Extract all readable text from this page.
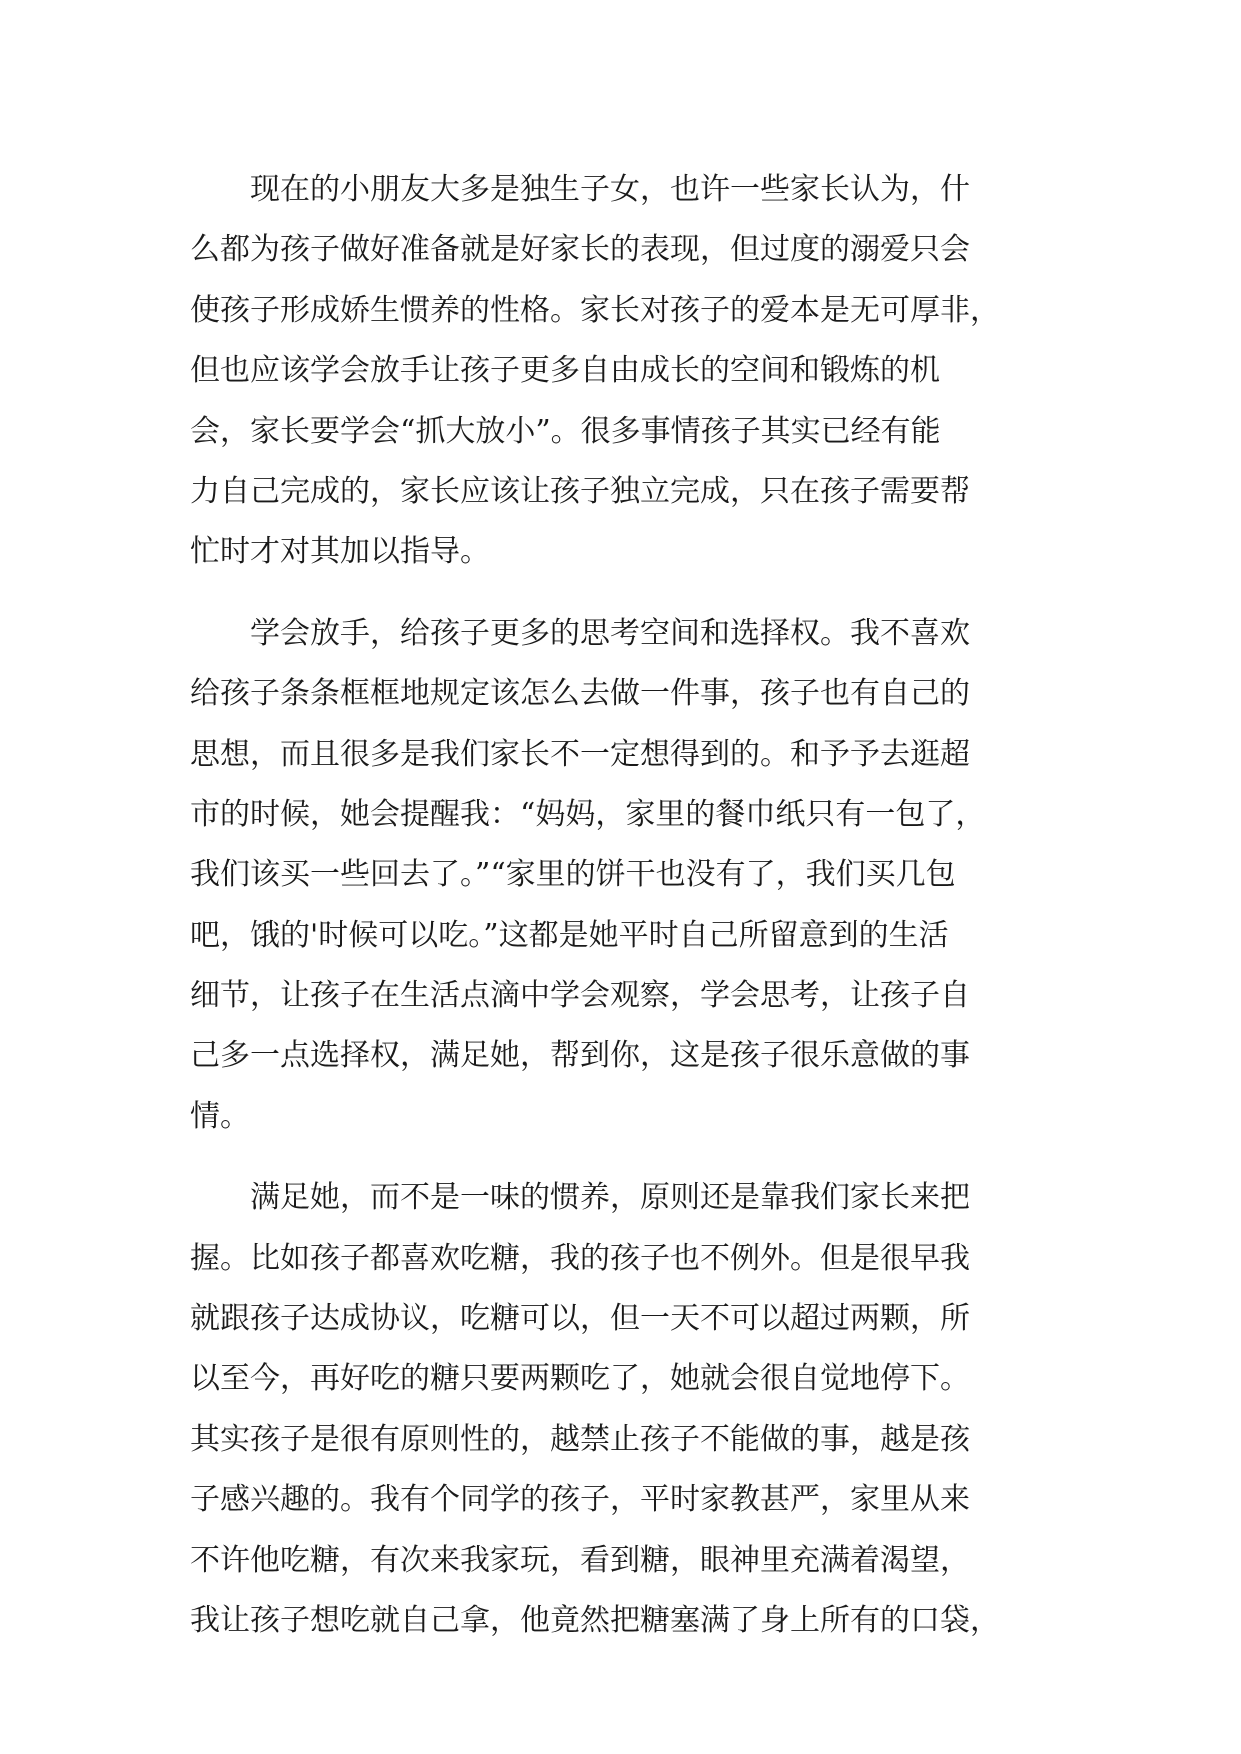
　　现在的小朋友大多是独生子女，也许一些家长认为，什
么都为孩子做好准备就是好家长的表现，但过度的溺爱只会
使孩子形成娇生惯养的性格。家长对孩子的爱本是无可厚非，
但也应该学会放手让孩子更多自由成长的空间和锻炼的机
会，家长要学会“抓大放小”。很多事情孩子其实已经有能
力自己完成的，家长应该让孩子独立完成，只在孩子需要帮
忙时才对其加以指导。
　　学会放手，给孩子更多的思考空间和选择权。我不喜欢
给孩子条条框框地规定该怎么去做一件事，孩子也有自己的
思想，而且很多是我们家长不一定想得到的。和予予去逛超
市的时候，她会提醒我：“妈妈，家里的餐巾纸只有一包了，
我们该买一些回去了。”“家里的饼干也没有了，我们买几包
吧，饿的'时候可以吃。”这都是她平时自己所留意到的生活
细节，让孩子在生活点滴中学会观察，学会思考，让孩子自
己多一点选择权，满足她，帮到你，这是孩子很乐意做的事
情。
　　满足她，而不是一味的惯养，原则还是靠我们家长来把
握。比如孩子都喜欢吃糖，我的孩子也不例外。但是很早我
就跟孩子达成协议，吃糖可以，但一天不可以超过两颗，所
以至今，再好吃的糖只要两颗吃了，她就会很自觉地停下。
其实孩子是很有原则性的，越禁止孩子不能做的事，越是孩
子感兴趣的。我有个同学的孩子，平时家教甚严，家里从来
不许他吃糖，有次来我家玩，看到糖，眼神里充满着渴望，
我让孩子想吃就自己拿，他竟然把糖塞满了身上所有的口袋，
